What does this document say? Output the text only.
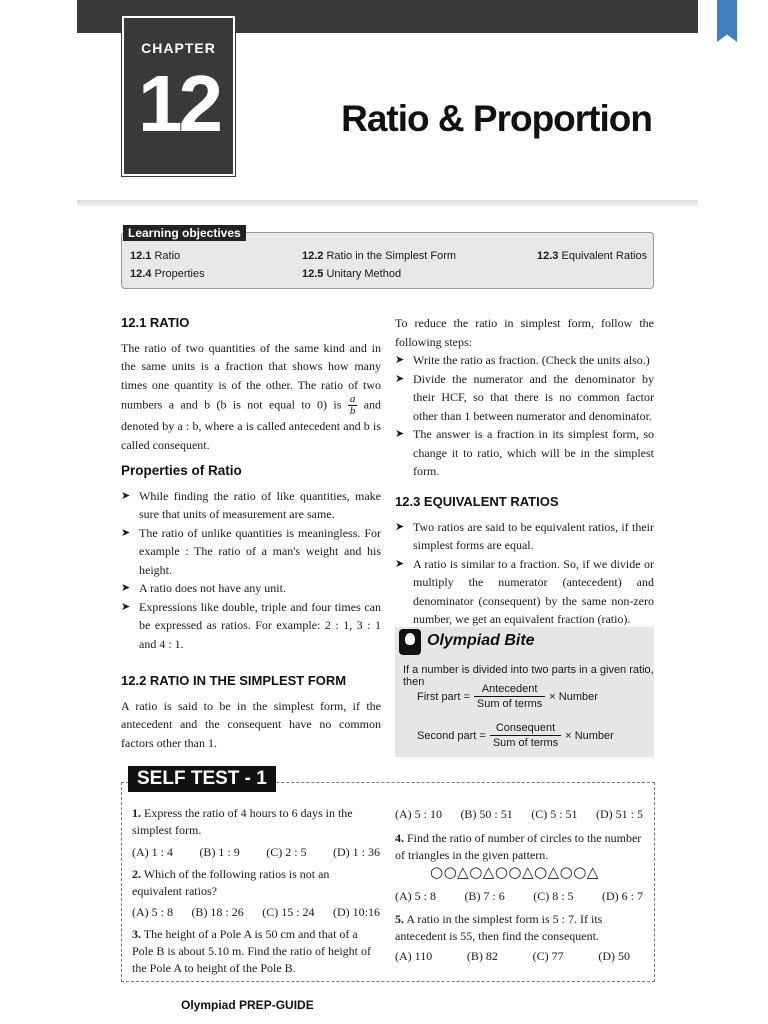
CHAPTER
12	Ratio & Proportion
12.1 Ratio	12.2 Ratio in the Simplest Form	12.3 Equivalent Ratios
12.4 Properties	12.5 Unitary Method
Learning objectives
12.1 RATIO

The ratio of two quantities of the same kind and in the same units is a fraction that shows how many times one quantity is of the other. The ratio of two numbers a and b (b is not equal to 0) is $\frac{a}{b}$ and denoted by a : b, where a is called antecedent and b is called consequent.

Properties of Ratio
➤ While finding the ratio of like quantities, make sure that units of measurement are same.
➤ The ratio of unlike quantities is meaningless. For example : The ratio of a man's weight and his height.
➤ A ratio does not have any unit.
➤ Expressions like double, triple and four times can be expressed as ratios. For example: 2 : 1, 3 : 1 and 4 : 1.
12.2 RATIO IN THE SIMPLEST FORM

A ratio is said to be in the simplest form, if the antecedent and the consequent have no common factors other than 1.

To reduce the ratio in simplest form, follow the following steps:

➤ Write the ratio as fraction. (Check the units also.)
➤ Divide the numerator and the denominator by their HCF, so that there is no common factor other than 1 between numerator and denominator.
➤ The answer is a fraction in its simplest form, so change it to ratio, which will be in the simplest form.
12.3 EQUIVALENT RATIOS
➤ Two ratios are said to be equivalent ratios, if their simplest forms are equal.
➤ A ratio is similar to a fraction. So, if we divide or multiply the numerator (antecedent) and denominator (consequent) by the same non-zero number, we get an equivalent fraction (ratio).
Olympiad Bite
If a number is divided into two parts in a given ratio, then
First part = $\frac{\text{Antecedent}}{\text{Sum of terms}}$ × Number
Second part = $\frac{\text{Consequent}}{\text{Sum of terms}}$ × Number
SELF TEST - 1
1. Express the ratio of 4 hours to 6 days in the simplest form.
(A) 1 : 4 (B) 1 : 9 (C) 2 : 5 (D) 1 : 36
2. Which of the following ratios is not an equivalent ratios?
(A) 5 : 8 (B) 18 : 26 (C) 15 : 24 (D) 10:16
3. The height of a Pole A is 50 cm and that of a Pole B is about 5.10 m. Find the ratio of height of the Pole A to height of the Pole B.
(A) 5 : 10 (B) 50 : 51 (C) 5 : 51 (D) 51 : 5
4. Find the ratio of number of circles to the number of triangles in the given pattern.
○○△○△○○△○△○○△
(A) 5 : 8 (B) 7 : 6 (C) 8 : 5 (D) 6 : 7
5. A ratio in the simplest form is 5 : 7. If its antecedent is 55, then find the consequent.
(A) 110	(B) 82	(C) 77	(D) 50
Olympiad PREP-GUIDE
